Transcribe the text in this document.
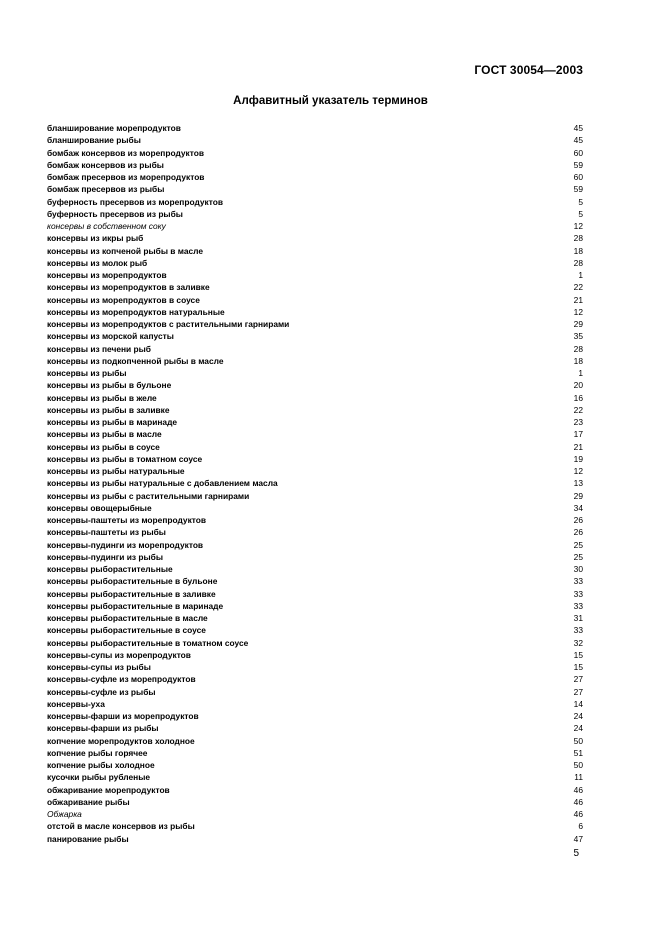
ГОСТ 30054—2003
Алфавитный указатель терминов
бланширование морепродуктов	45
бланширование рыбы	45
бомбаж консервов из морепродуктов	60
бомбаж консервов из рыбы	59
бомбаж пресервов из морепродуктов	60
бомбаж пресервов из рыбы	59
буферность пресервов из морепродуктов	5
буферность пресервов из рыбы	5
консервы в собственном соку	12
консервы из икры рыб	28
консервы из копченой рыбы в масле	18
консервы из молок рыб	28
консервы из морепродуктов	1
консервы из морепродуктов в заливке	22
консервы из морепродуктов в соусе	21
консервы из морепродуктов натуральные	12
консервы из морепродуктов с растительными гарнирами	29
консервы из морской капусты	35
консервы из печени рыб	28
консервы из подкопченной рыбы в масле	18
консервы из рыбы	1
консервы из рыбы в бульоне	20
консервы из рыбы в желе	16
консервы из рыбы в заливке	22
консервы из рыбы в маринаде	23
консервы из рыбы в масле	17
консервы из рыбы в соусе	21
консервы из рыбы в томатном соусе	19
консервы из рыбы натуральные	12
консервы из рыбы натуральные с добавлением масла	13
консервы из рыбы с растительными гарнирами	29
консервы овощерыбные	34
консервы-паштеты из морепродуктов	26
консервы-паштеты из рыбы	26
консервы-пудинги из морепродуктов	25
консервы-пудинги из рыбы	25
консервы рыборастительные	30
консервы рыборастительные в бульоне	33
консервы рыборастительные в заливке	33
консервы рыборастительные в маринаде	33
консервы рыборастительные в масле	31
консервы рыборастительные в соусе	33
консервы рыборастительные в томатном соусе	32
консервы-супы из морепродуктов	15
консервы-супы из рыбы	15
консервы-суфле из морепродуктов	27
консервы-суфле из рыбы	27
консервы-уха	14
консервы-фарши из морепродуктов	24
консервы-фарши из рыбы	24
копчение морепродуктов холодное	50
копчение рыбы горячее	51
копчение рыбы холодное	50
кусочки рыбы рубленые	11
обжаривание морепродуктов	46
обжаривание рыбы	46
Обжарка	46
отстой в масле консервов из рыбы	6
панирование рыбы	47
5
